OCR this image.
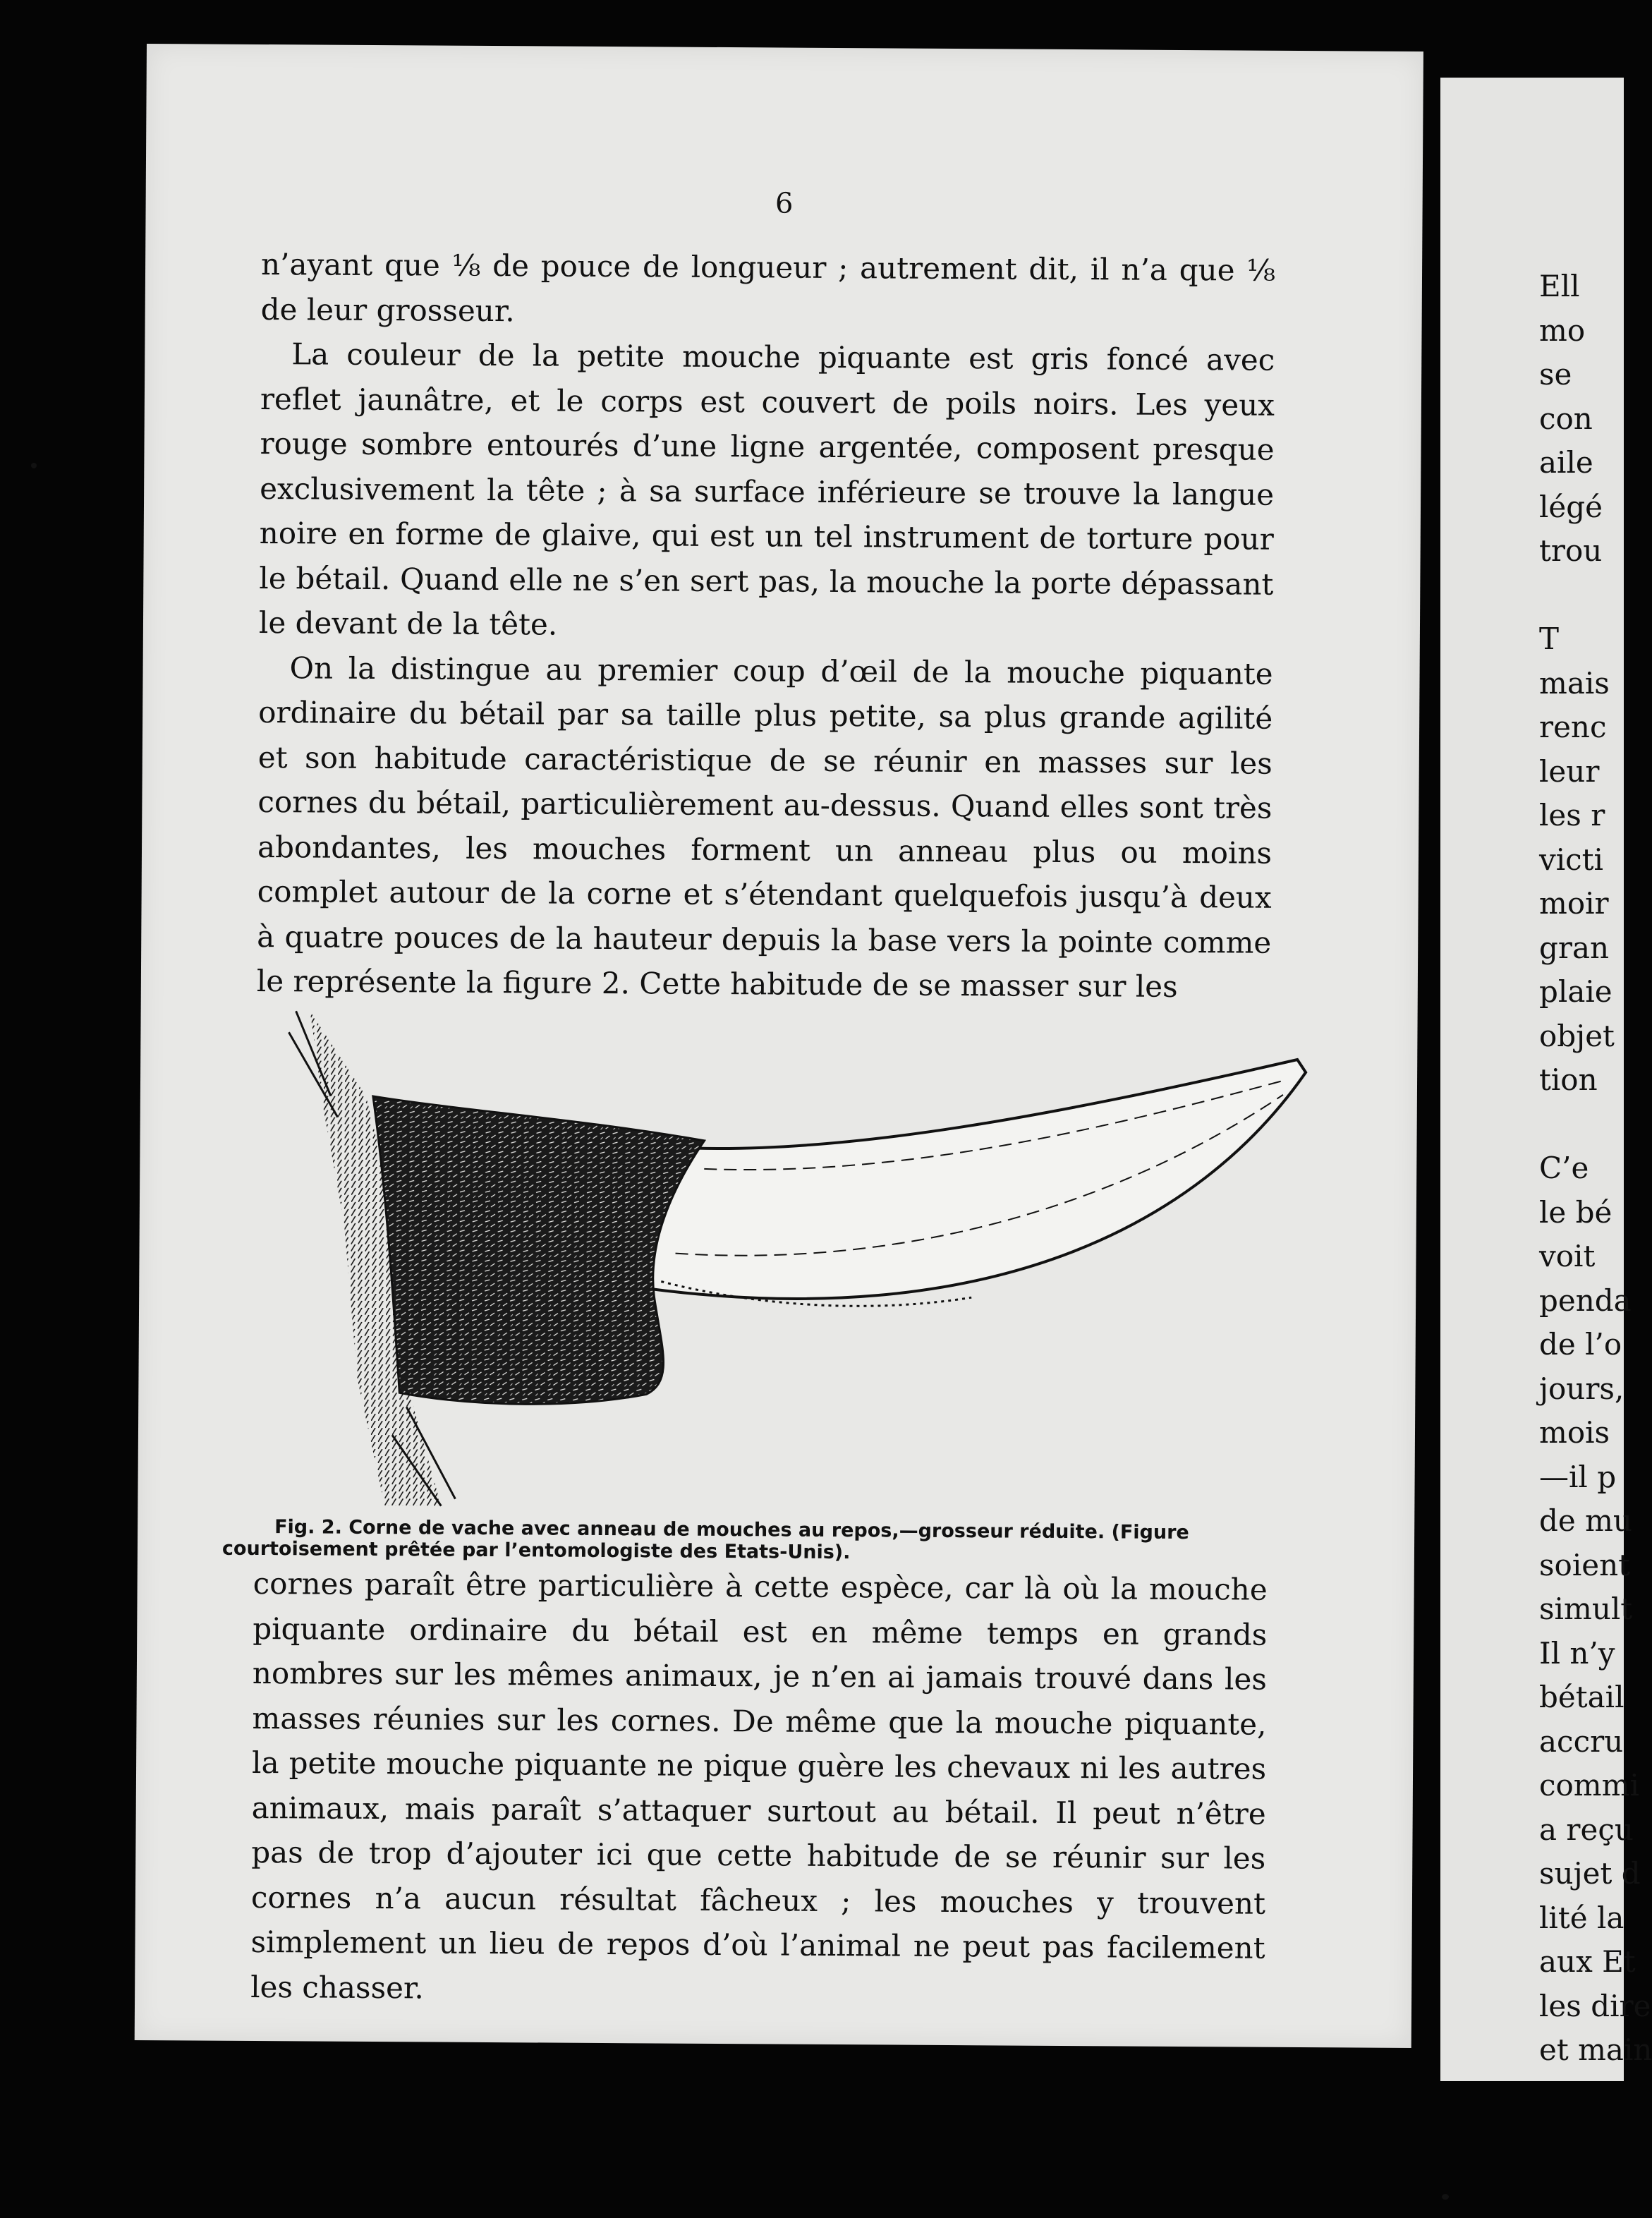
6

n’ayant que ⅛ de pouce de longueur ; autrement dit, il n’a que ⅛ de leur grosseur.

La couleur de la petite mouche piquante est gris foncé avec reflet jaunâtre, et le corps est couvert de poils noirs. Les yeux rouge sombre entourés d’une ligne argentée, composent presque exclusivement la tête ; à sa surface inférieure se trouve la langue noire en forme de glaive, qui est un tel instrument de torture pour le bétail. Quand elle ne s’en sert pas, la mouche la porte dépassant le devant de la tête.

On la distingue au premier coup d’œil de la mouche piquante ordinaire du bétail par sa taille plus petite, sa plus grande agilité et son habitude caractéristique de se réunir en masses sur les cornes du bétail, particulièrement au-dessus. Quand elles sont très abondantes, les mouches forment un anneau plus ou moins complet autour de la corne et s’étendant quelquefois jusqu’à deux à quatre pouces de la hauteur depuis la base vers la pointe comme le représente la figure 2. Cette habitude de se masser sur les

Fig. 2. Corne de vache avec anneau de mouches au repos,—grosseur réduite. (Figure
courtoisement prêtée par l’entomologiste des Etats-Unis).

cornes paraît être particulière à cette espèce, car là où la mouche piquante ordinaire du bétail est en même temps en grands nombres sur les mêmes animaux, je n’en ai jamais trouvé dans les masses réunies sur les cornes. De même que la mouche piquante, la petite mouche piquante ne pique guère les chevaux ni les autres animaux, mais paraît s’attaquer surtout au bétail. Il peut n’être pas de trop d’ajouter ici que cette habitude de se réunir sur les cornes n’a aucun résultat fâcheux ; les mouches y trouvent simplement un lieu de repos d’où l’animal ne peut pas facilement les chasser.

Ell
mo
se
con
aile
légé
trou
T
mais
renc
leur
les r
victi
moir
gran
plaie
objet
tion
C’e
le bé
voit
penda
de l’o
jours,
mois
—il p
de mu
soient
simult
Il n’y
bétail
accru
commi
a reçu
sujet d
lité la
aux Et
les dire
et main
